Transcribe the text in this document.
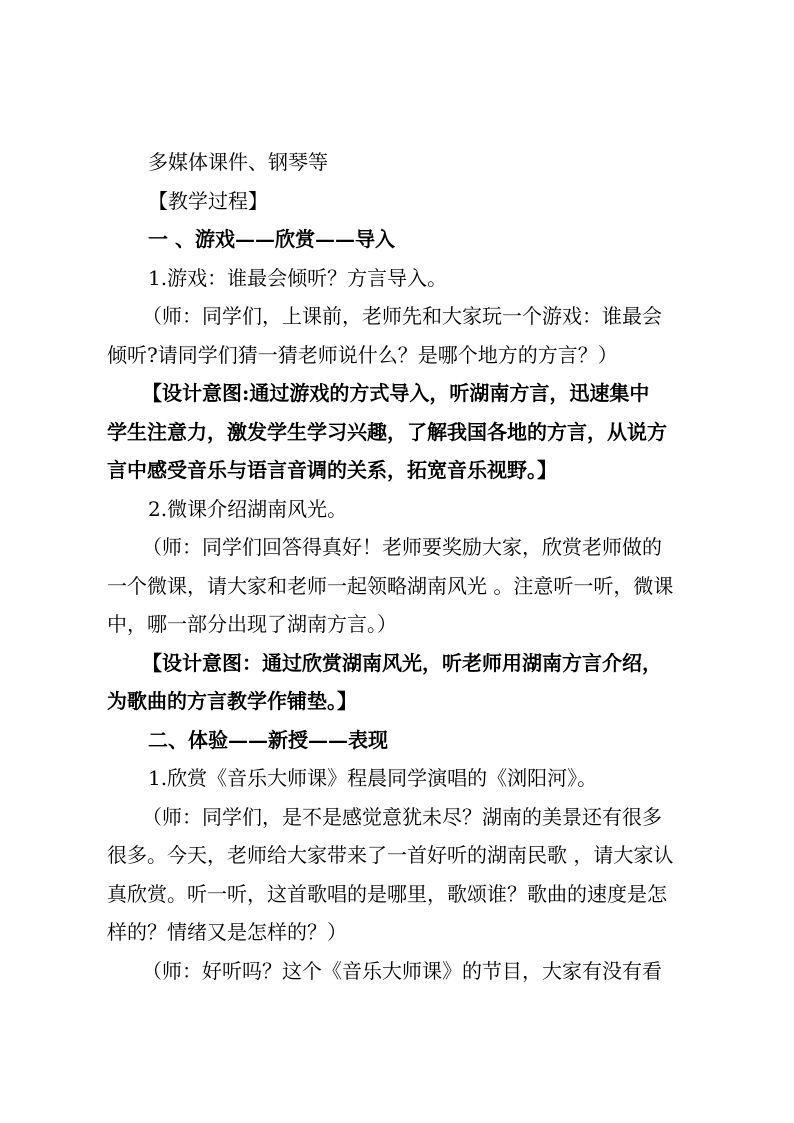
多媒体课件、钢琴等

【教学过程】

一 、游戏——欣赏——导入

1.游戏：谁最会倾听？方言导入。

（师：同学们，上课前，老师先和大家玩一个游戏：谁最会

倾听?请同学们猜一猜老师说什么？是哪个地方的方言？）

【设计意图:通过游戏的方式导入，听湖南方言，迅速集中

学生注意力，激发学生学习兴趣，了解我国各地的方言，从说方

言中感受音乐与语言音调的关系，拓宽音乐视野。】

2.微课介绍湖南风光。

（师：同学们回答得真好！老师要奖励大家，欣赏老师做的

一个微课，请大家和老师一起领略湖南风光 。注意听一听，微课

中，哪一部分出现了湖南方言。）

【设计意图：通过欣赏湖南风光，听老师用湖南方言介绍，

为歌曲的方言教学作铺垫。】

二、体验——新授——表现

1.欣赏《音乐大师课》程晨同学演唱的《浏阳河》。

（师：同学们，是不是感觉意犹未尽？湖南的美景还有很多

很多。今天，老师给大家带来了一首好听的湖南民歌 ，请大家认

真欣赏。听一听，这首歌唱的是哪里，歌颂谁？歌曲的速度是怎

样的？情绪又是怎样的？）

（师：好听吗？这个《音乐大师课》的节目，大家有没有看
